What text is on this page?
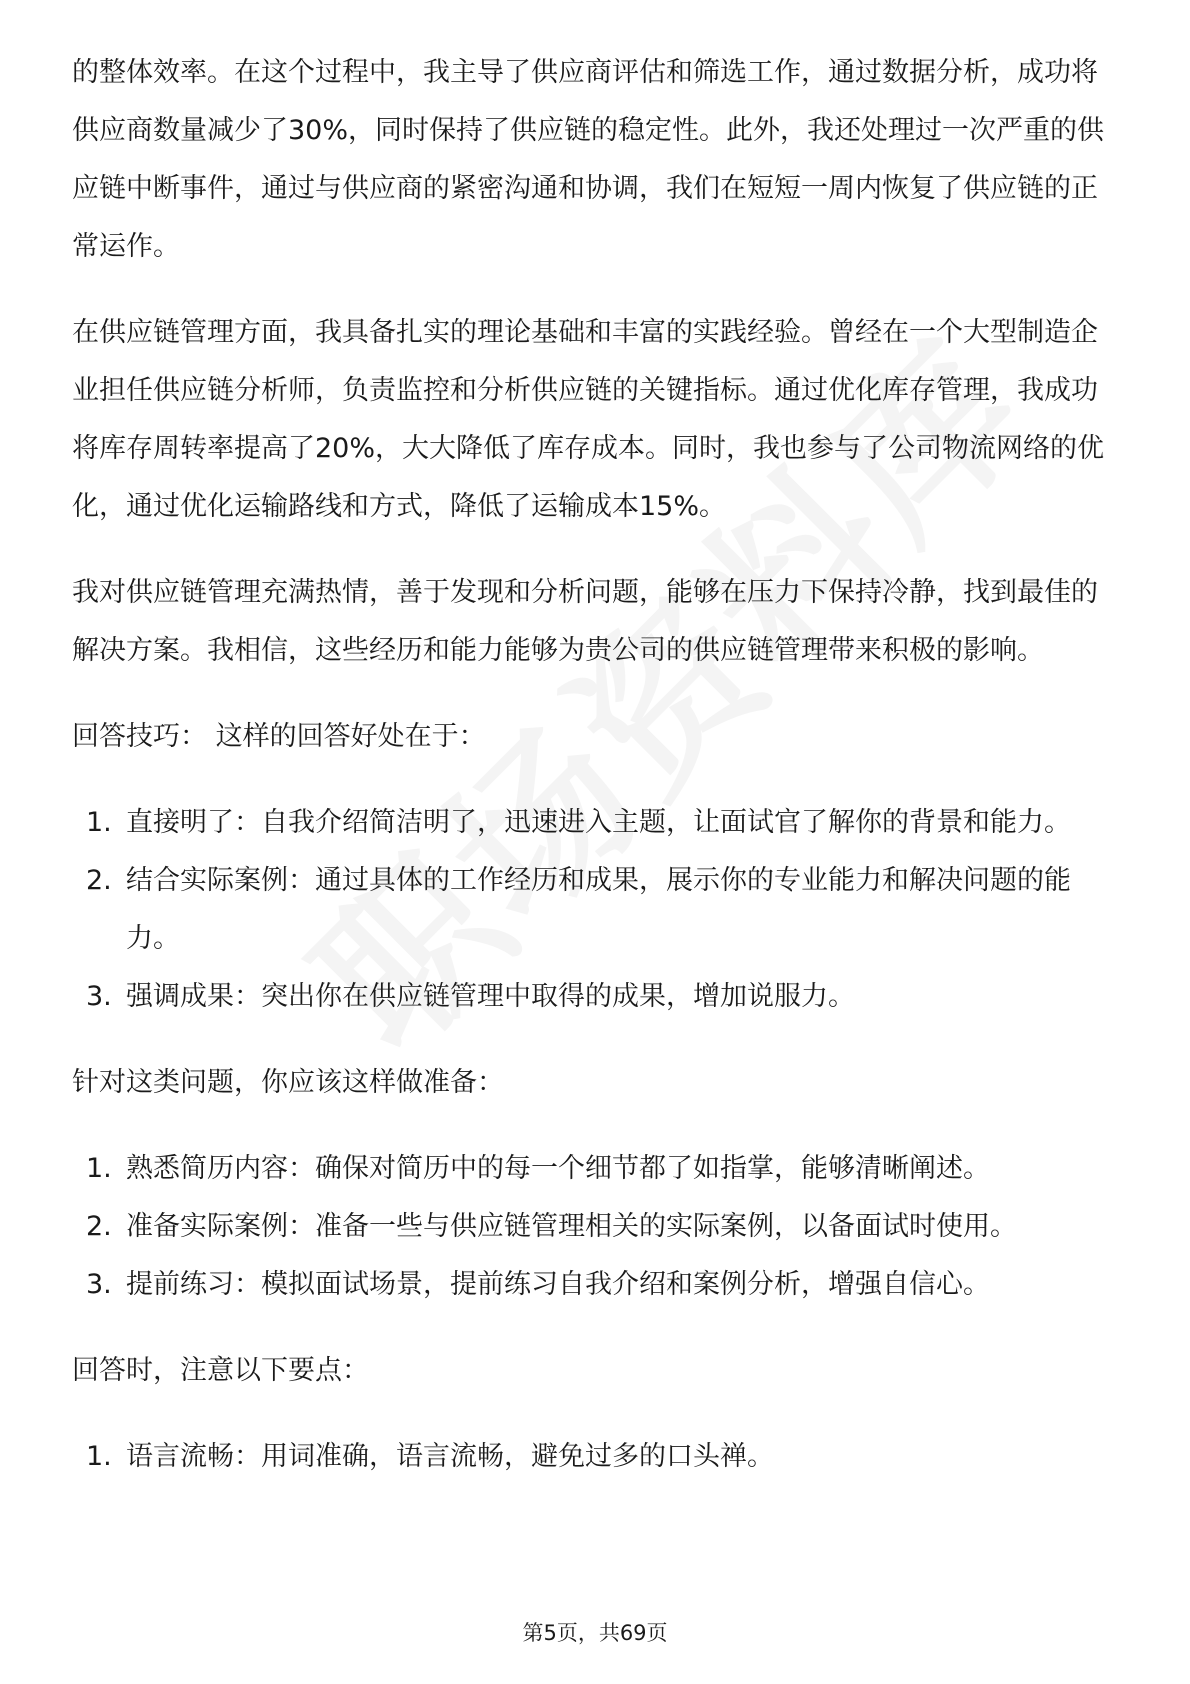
的整体效率。在这个过程中，我主导了供应商评估和筛选工作，通过数据分析，成功将供应商数量减少了30%，同时保持了供应链的稳定性。此外，我还处理过一次严重的供应链中断事件，通过与供应商的紧密沟通和协调，我们在短短一周内恢复了供应链的正常运作。

在供应链管理方面，我具备扎实的理论基础和丰富的实践经验。曾经在一个大型制造企业担任供应链分析师，负责监控和分析供应链的关键指标。通过优化库存管理，我成功将库存周转率提高了20%，大大降低了库存成本。同时，我也参与了公司物流网络的优化，通过优化运输路线和方式，降低了运输成本15%。

我对供应链管理充满热情，善于发现和分析问题，能够在压力下保持冷静，找到最佳的解决方案。我相信，这些经历和能力能够为贵公司的供应链管理带来积极的影响。

回答技巧： 这样的回答好处在于：

1. 直接明了：自我介绍简洁明了，迅速进入主题，让面试官了解你的背景和能力。
2. 结合实际案例：通过具体的工作经历和成果，展示你的专业能力和解决问题的能力。
3. 强调成果：突出你在供应链管理中取得的成果，增加说服力。

针对这类问题，你应该这样做准备：

1. 熟悉简历内容：确保对简历中的每一个细节都了如指掌，能够清晰阐述。
2. 准备实际案例：准备一些与供应链管理相关的实际案例，以备面试时使用。
3. 提前练习：模拟面试场景，提前练习自我介绍和案例分析，增强自信心。

回答时，注意以下要点：

1. 语言流畅：用词准确，语言流畅，避免过多的口头禅。
第5页，共69页
